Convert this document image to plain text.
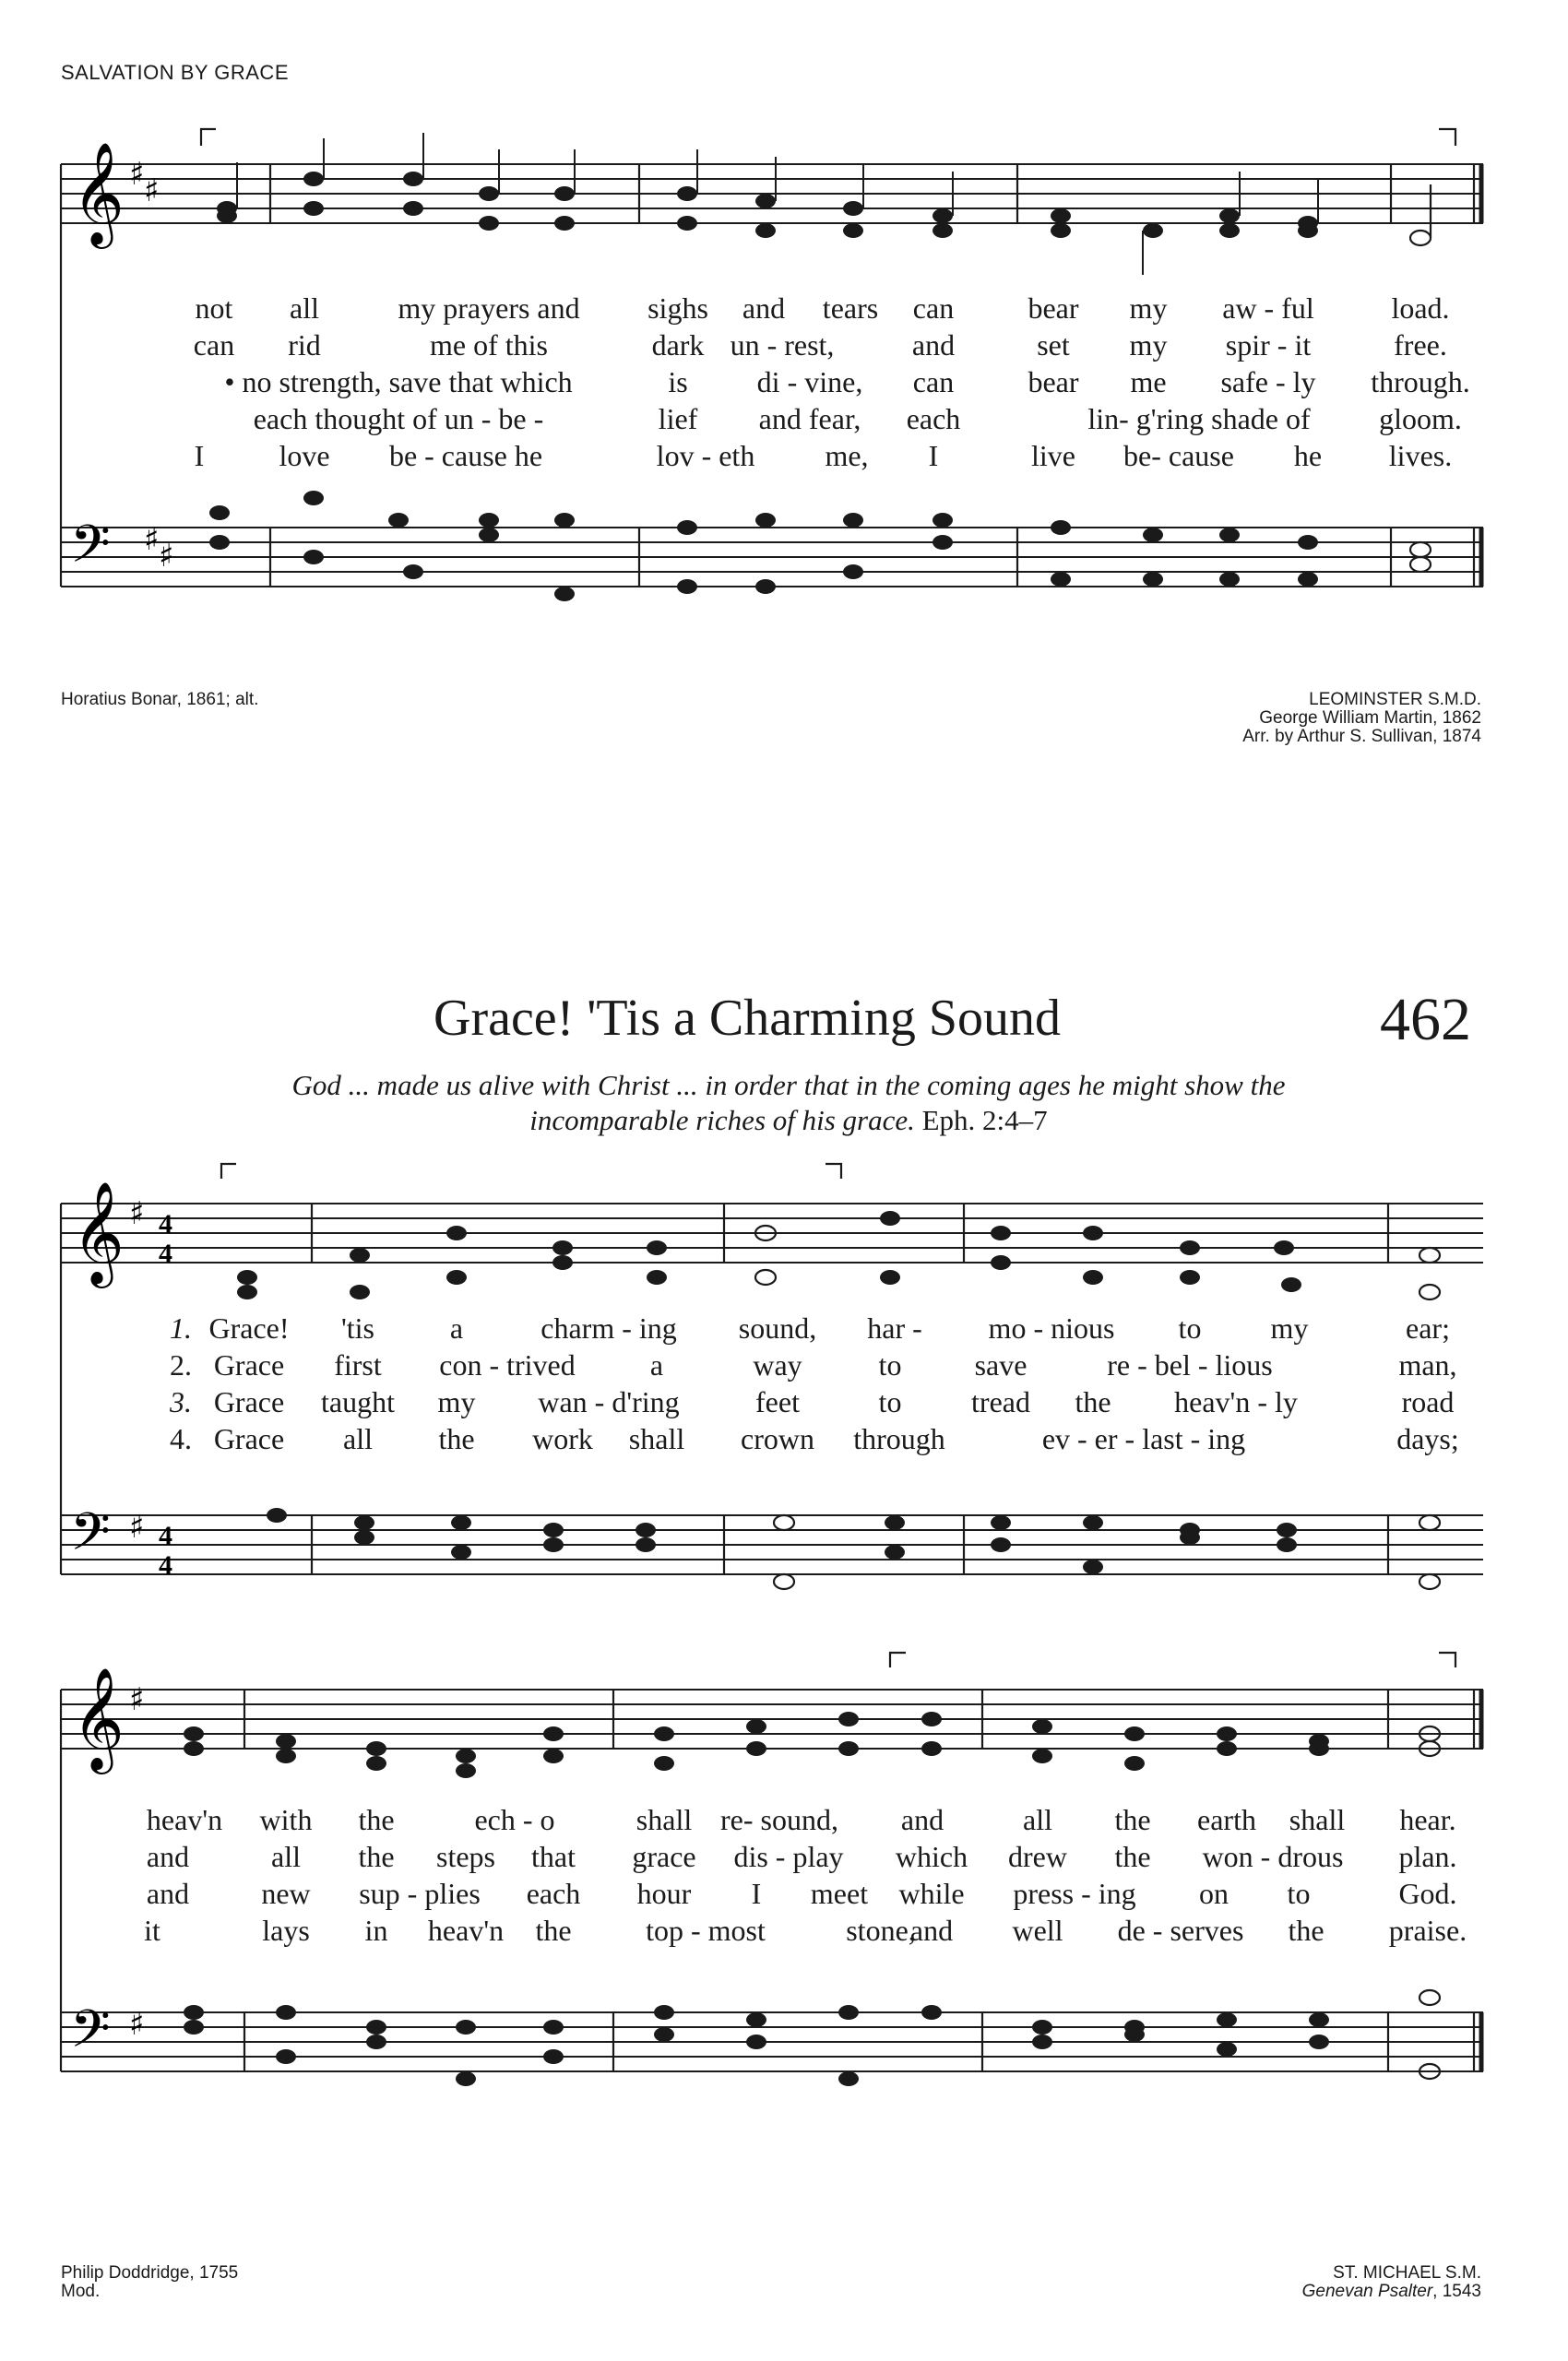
SALVATION BY GRACE
𝄞 ♯ ♯
𝄢 ♯ ♯
𝄞 ♯
𝄢 ♯
4
4
4
4
𝄞 ♯
𝄢 ♯
not all	my prayers and sighs and tears can	bear my aw - ful	load.
can rid	me of this	dark un - rest,	and	set my spir - it	free.
• no strength, save that which	is di - vine, can	bear me safe - ly through.
each thought of un - be -	lief and fear, each	lin- g'ring shade of gloom.
I	love be - cause he	lov - eth me, I	live be- cause he lives.
Horatius Bonar, 1861; alt.	LEOMINSTER S.M.D.
George William Martin, 1862
Arr. by Arthur S. Sullivan, 1874
Grace! 'Tis a Charming Sound	462
God ... made us alive with Christ ... in order that in the coming ages he might show the
incomparable riches of his grace. Eph. 2:4–7
1. Grace! 'tis	a	charm - ing sound, har - mo - nious to my	ear;
2. Grace first con - trived	a	way	to save	re - bel - lious	man,
3. Grace taught my wan - d'ring	feet	to tread the heav'n - ly	road
4. Grace all the work shall crown through	ev - er - last - ing	days;
heav'n with the	ech - o	shall re- sound, and	all the earth shall hear.
and	all the steps that grace dis - play which drew the won - drous plan.
and new sup - plies each hour I meet while press - ing on to	God.
it	lays in heav'n the	top - most	stone,
and well de - serves the praise.
Philip Doddridge, 1755
Mod.
ST. MICHAEL S.M.
Genevan Psalter, 1543
